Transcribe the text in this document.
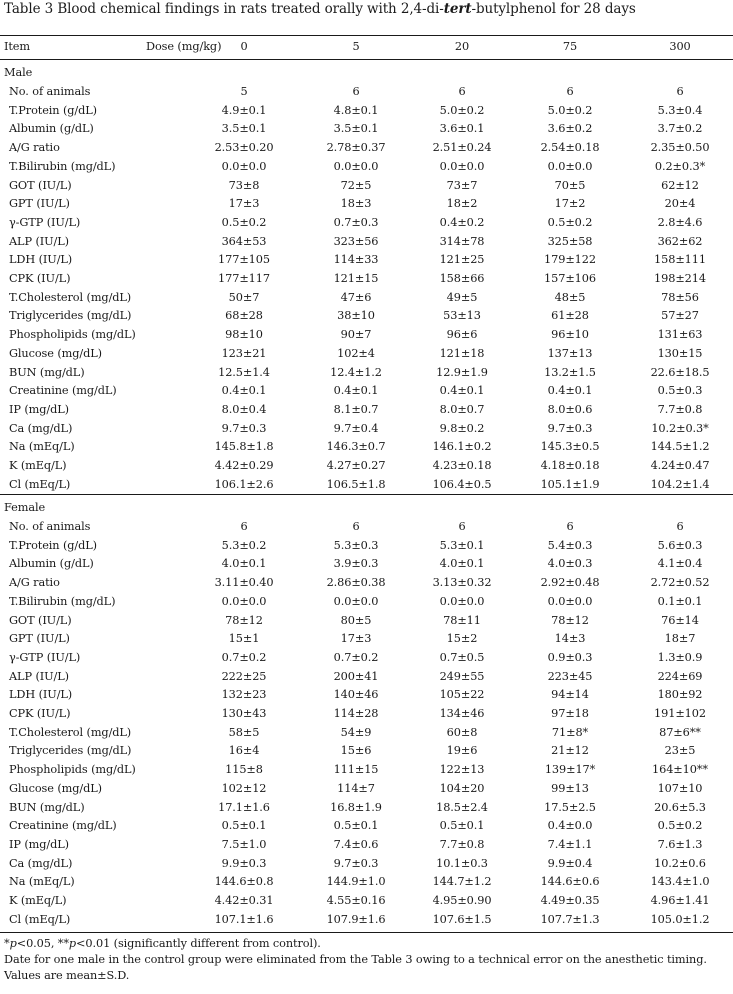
Table 3 Blood chemical findings in rats treated orally with 2,4-di-tert-butylphenol for 28 days
Item	Dose (mg/kg) 0	5	20	75	300
Male
No. of animals	5	6	6	6	6
T.Protein (g/dL)	4.9±0.1	4.8±0.1	5.0±0.2	5.0±0.2	5.3±0.4
Albumin (g/dL)	3.5±0.1	3.5±0.1	3.6±0.1	3.6±0.2	3.7±0.2
A/G ratio	2.53±0.20	2.78±0.37	2.51±0.24	2.54±0.18	2.35±0.50
T.Bilirubin (mg/dL)	0.0±0.0	0.0±0.0	0.0±0.0	0.0±0.0	0.2±0.3*
GOT (IU/L)	73±8	72±5	73±7	70±5	62±12
GPT (IU/L)	17±3	18±3	18±2	17±2	20±4
γ-GTP (IU/L)	0.5±0.2	0.7±0.3	0.4±0.2	0.5±0.2	2.8±4.6
ALP (IU/L)	364±53	323±56	314±78	325±58	362±62
LDH (IU/L)	177±105	114±33	121±25	179±122	158±111
CPK (IU/L)	177±117	121±15	158±66	157±106	198±214
T.Cholesterol (mg/dL)	50±7	47±6	49±5	48±5	78±56
Triglycerides (mg/dL)	68±28	38±10	53±13	61±28	57±27
Phospholipids (mg/dL)	98±10	90±7	96±6	96±10	131±63
Glucose (mg/dL)	123±21	102±4	121±18	137±13	130±15
BUN (mg/dL)	12.5±1.4	12.4±1.2	12.9±1.9	13.2±1.5	22.6±18.5
Creatinine (mg/dL)	0.4±0.1	0.4±0.1	0.4±0.1	0.4±0.1	0.5±0.3
IP (mg/dL)	8.0±0.4	8.1±0.7	8.0±0.7	8.0±0.6	7.7±0.8
Ca (mg/dL)	9.7±0.3	9.7±0.4	9.8±0.2	9.7±0.3	10.2±0.3*
Na (mEq/L)	145.8±1.8	146.3±0.7	146.1±0.2	145.3±0.5	144.5±1.2
K (mEq/L)	4.42±0.29	4.27±0.27	4.23±0.18	4.18±0.18	4.24±0.47
Cl (mEq/L)	106.1±2.6	106.5±1.8	106.4±0.5	105.1±1.9	104.2±1.4
Female
No. of animals	6	6	6	6	6
T.Protein (g/dL)	5.3±0.2	5.3±0.3	5.3±0.1	5.4±0.3	5.6±0.3
Albumin (g/dL)	4.0±0.1	3.9±0.3	4.0±0.1	4.0±0.3	4.1±0.4
A/G ratio	3.11±0.40	2.86±0.38	3.13±0.32	2.92±0.48	2.72±0.52
T.Bilirubin (mg/dL)	0.0±0.0	0.0±0.0	0.0±0.0	0.0±0.0	0.1±0.1
GOT (IU/L)	78±12	80±5	78±11	78±12	76±14
GPT (IU/L)	15±1	17±3	15±2	14±3	18±7
γ-GTP (IU/L)	0.7±0.2	0.7±0.2	0.7±0.5	0.9±0.3	1.3±0.9
ALP (IU/L)	222±25	200±41	249±55	223±45	224±69
LDH (IU/L)	132±23	140±46	105±22	94±14	180±92
CPK (IU/L)	130±43	114±28	134±46	97±18	191±102
T.Cholesterol (mg/dL)	58±5	54±9	60±8	71±8*	87±6**
Triglycerides (mg/dL)	16±4	15±6	19±6	21±12	23±5
Phospholipids (mg/dL)	115±8	111±15	122±13	139±17*	164±10**
Glucose (mg/dL)	102±12	114±7	104±20	99±13	107±10
BUN (mg/dL)	17.1±1.6	16.8±1.9	18.5±2.4	17.5±2.5	20.6±5.3
Creatinine (mg/dL)	0.5±0.1	0.5±0.1	0.5±0.1	0.4±0.0	0.5±0.2
IP (mg/dL)	7.5±1.0	7.4±0.6	7.7±0.8	7.4±1.1	7.6±1.3
Ca (mg/dL)	9.9±0.3	9.7±0.3	10.1±0.3	9.9±0.4	10.2±0.6
Na (mEq/L)	144.6±0.8	144.9±1.0	144.7±1.2	144.6±0.6	143.4±1.0
K (mEq/L)	4.42±0.31	4.55±0.16	4.95±0.90	4.49±0.35	4.96±1.41
Cl (mEq/L)	107.1±1.6	107.9±1.6	107.6±1.5	107.7±1.3	105.0±1.2
*p<0.05, **p<0.01 (significantly different from control).
Date for one male in the control group were eliminated from the Table 3 owing to a technical error on the anesthetic timing.
Values are mean±S.D.
